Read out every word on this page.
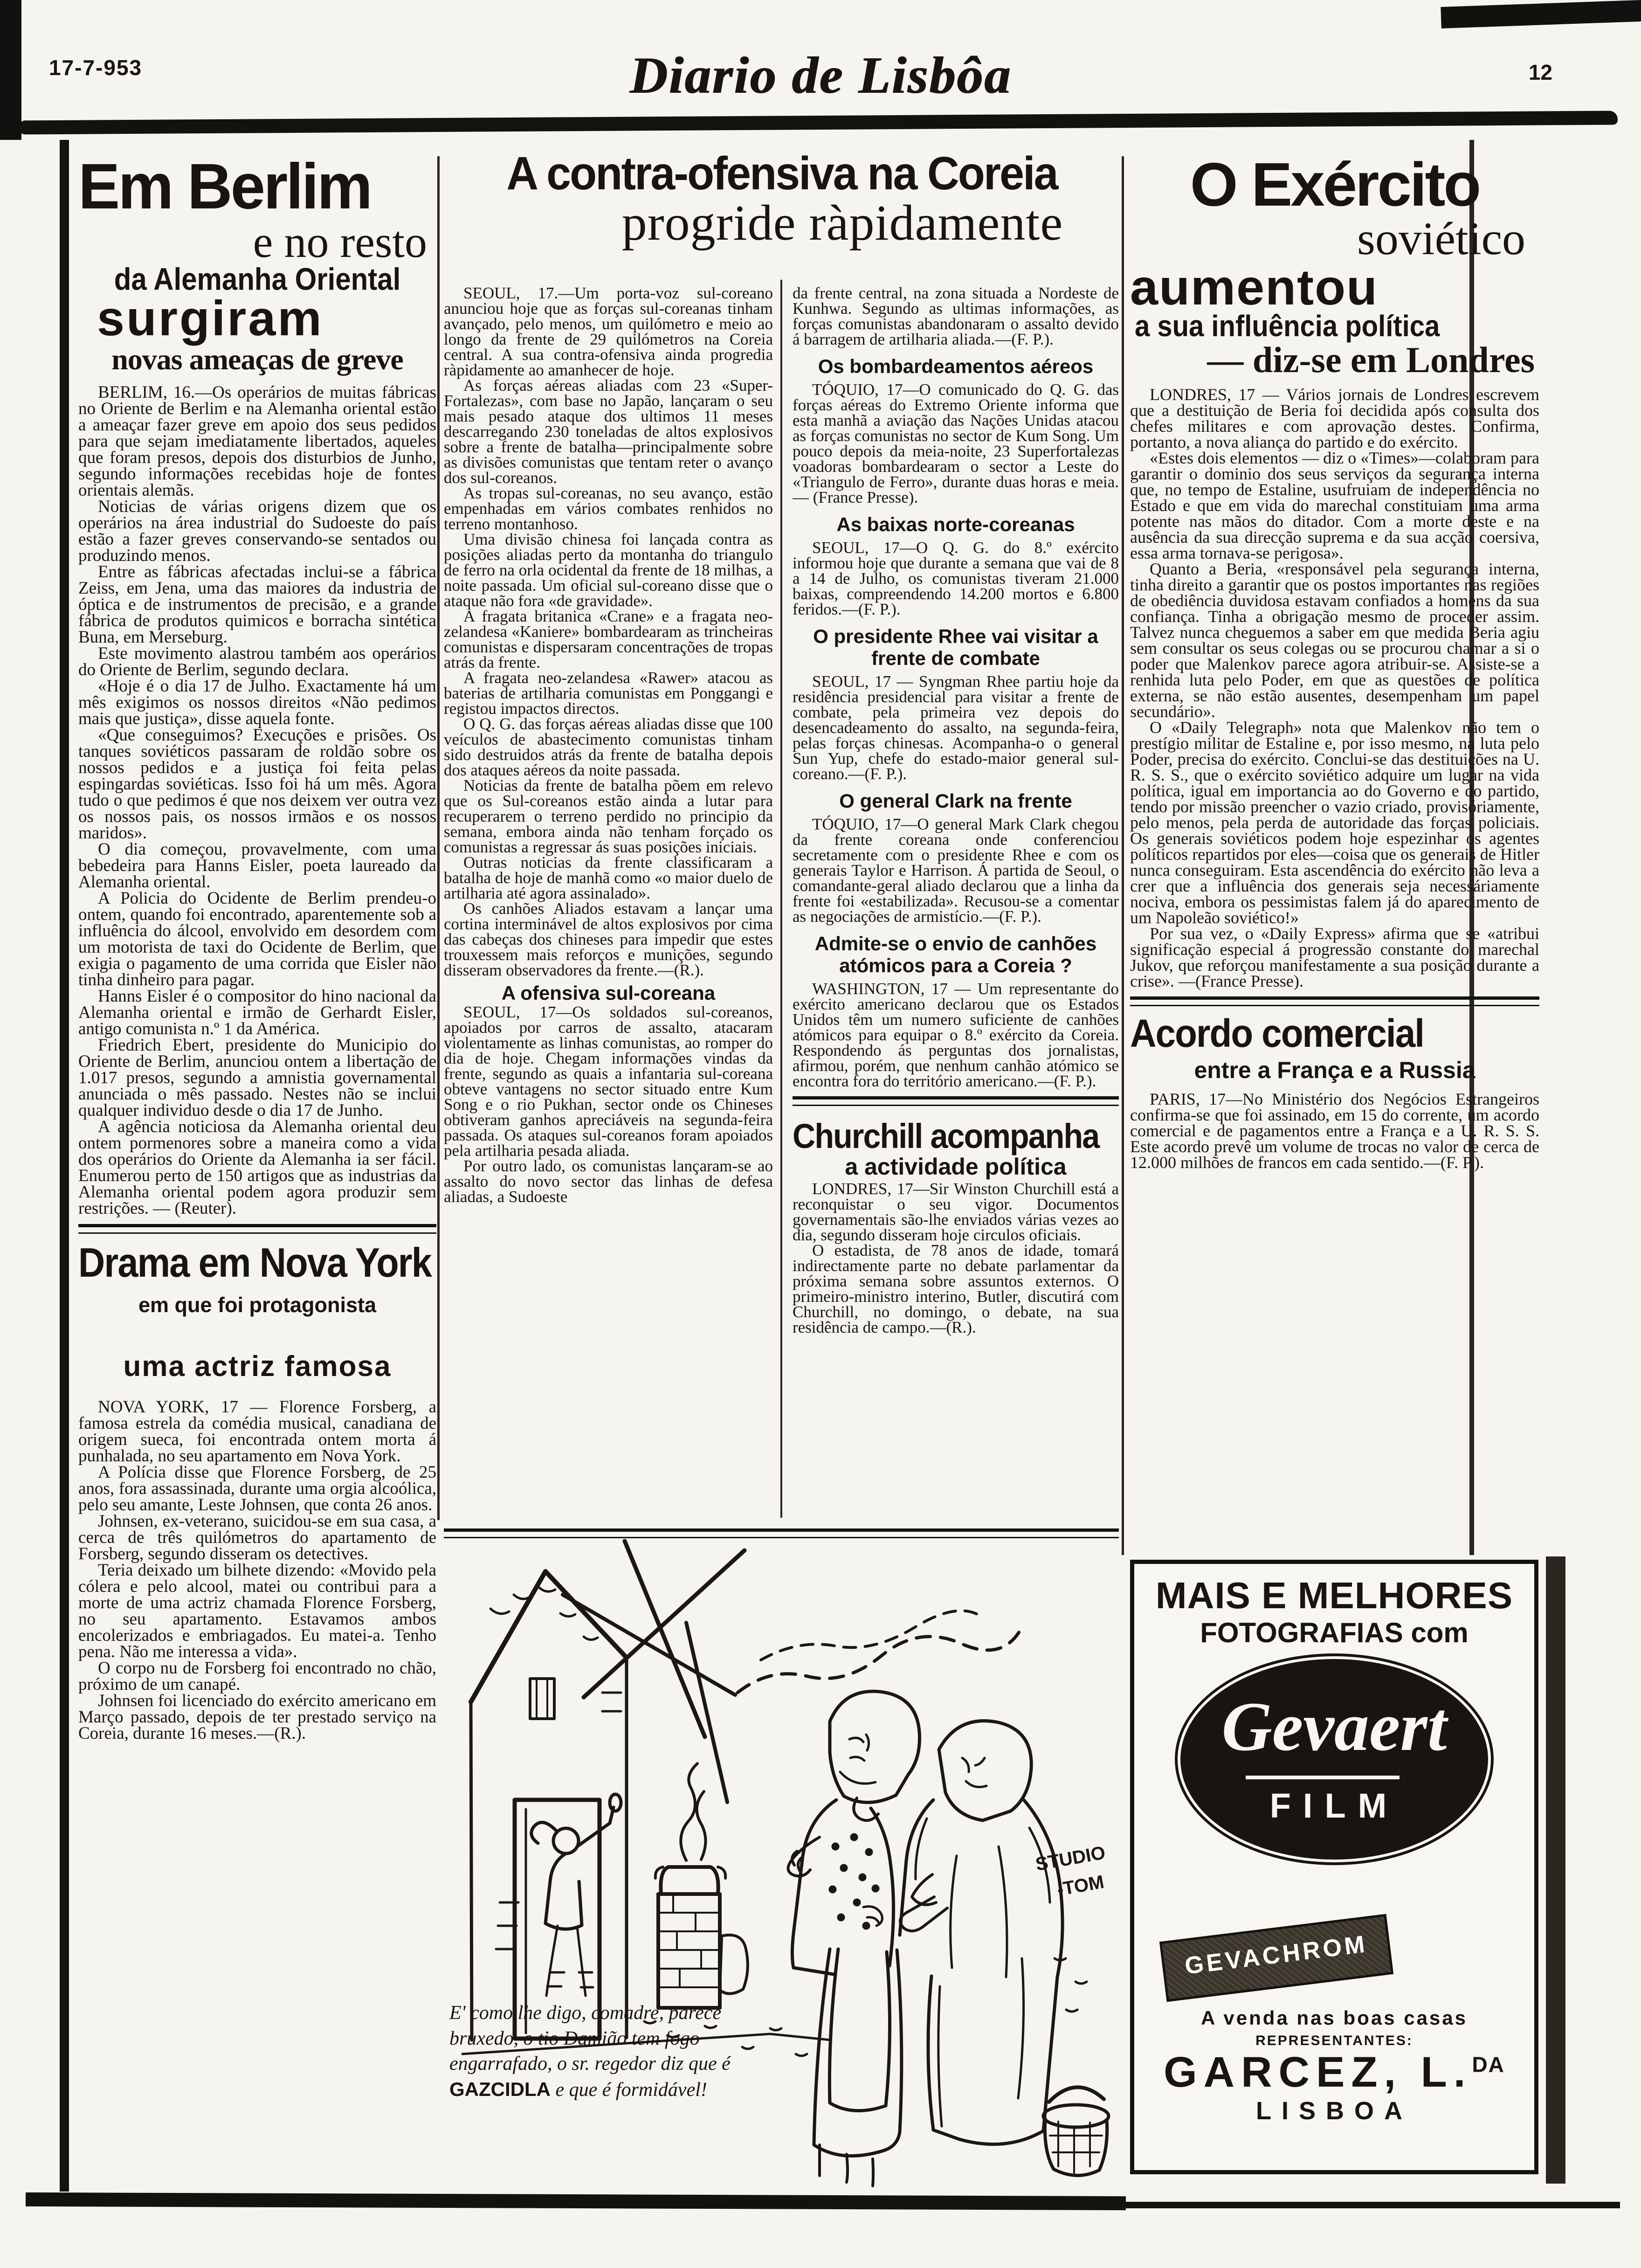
17-7-953	Diario de Lisbôa	12
Em Berlim
e no resto
da Alemanha Oriental
surgiram
novas ameaças de greve

BERLIM, 16.—Os operários de muitas fábricas no Oriente de Berlim e na Alemanha oriental estão a ameaçar fazer greve em apoio dos seus pedidos para que sejam imediatamente libertados, aqueles que foram presos, depois dos disturbios de Junho, segundo informações recebidas hoje de fontes orientais alemãs.

Noticias de várias origens dizem que os operários na área industrial do Sudoeste do país estão a fazer greves conservando-se sentados ou produzindo menos.

Entre as fábricas afectadas inclui-se a fábrica Zeiss, em Jena, uma das maiores da industria de óptica e de instrumentos de precisão, e a grande fábrica de produtos quimicos e borracha sintética Buna, em Merseburg.

Este movimento alastrou também aos operários do Oriente de Berlim, segundo declara.

«Hoje é o dia 17 de Julho. Exactamente há um mês exigimos os nossos direitos «Não pedimos mais que justiça», disse aquela fonte.

«Que conseguimos? Execuções e prisões. Os tanques soviéticos passaram de roldão sobre os nossos pedidos e a justiça foi feita pelas espingardas soviéticas. Isso foi há um mês. Agora tudo o que pedimos é que nos deixem ver outra vez os nossos pais, os nossos irmãos e os nossos maridos».

O dia começou, provavelmente, com uma bebedeira para Hanns Eisler, poeta laureado da Alemanha oriental.

A Policia do Ocidente de Berlim prendeu-o ontem, quando foi encontrado, aparentemente sob a influência do álcool, envolvido em desordem com um motorista de taxi do Ocidente de Berlim, que exigia o pagamento de uma corrida que Eisler não tinha dinheiro para pagar.

Hanns Eisler é o compositor do hino nacional da Alemanha oriental e irmão de Gerhardt Eisler, antigo comunista n.º 1 da América.

Friedrich Ebert, presidente do Municipio do Oriente de Berlim, anunciou ontem a libertação de 1.017 presos, segundo a amnistia governamental anunciada o mês passado. Nestes não se inclui qualquer individuo desde o dia 17 de Junho.

A agência noticiosa da Alemanha oriental deu ontem pormenores sobre a maneira como a vida dos operários do Oriente da Alemanha ia ser fácil. Enumerou perto de 150 artigos que as industrias da Alemanha oriental podem agora produzir sem restrições. — (Reuter).

Drama em Nova York
em que foi protagonista
uma actriz famosa

NOVA YORK, 17 — Florence Forsberg, a famosa estrela da comédia musical, canadiana de origem sueca, foi encontrada ontem morta á punhalada, no seu apartamento em Nova York.

A Polícia disse que Florence Forsberg, de 25 anos, fora assassinada, durante uma orgia alcoólica, pelo seu amante, Leste Johnsen, que conta 26 anos.

Johnsen, ex-veterano, suicidou-se em sua casa, a cerca de três quilómetros do apartamento de Forsberg, segundo disseram os detectives.

Teria deixado um bilhete dizendo: «Movido pela cólera e pelo alcool, matei ou contribui para a morte de uma actriz chamada Florence Forsberg, no seu apartamento. Estavamos ambos encolerizados e embriagados. Eu matei-a. Tenho pena. Não me interessa a vida».

O corpo nu de Forsberg foi encontrado no chão, próximo de um canapé.

Johnsen foi licenciado do exército americano em Março passado, depois de ter prestado serviço na Coreia, durante 16 meses.—(R.).

A contra-ofensiva na Coreia
progride ràpidamente

SEOUL, 17.—Um porta-voz sul-coreano anunciou hoje que as forças sul-coreanas tinham avançado, pelo menos, um quilómetro e meio ao longo da frente de 29 quilómetros na Coreia central. A sua contra-ofensiva ainda progredia ràpidamente ao amanhecer de hoje.

As forças aéreas aliadas com 23 «Super-Fortalezas», com base no Japão, lançaram o seu mais pesado ataque dos ultimos 11 meses descarregando 230 toneladas de altos explosivos sobre a frente de batalha—principalmente sobre as divisões comunistas que tentam reter o avanço dos sul-coreanos.

As tropas sul-coreanas, no seu avanço, estão empenhadas em vários combates renhidos no terreno montanhoso.

Uma divisão chinesa foi lançada contra as posições aliadas perto da montanha do triangulo de ferro na orla ocidental da frente de 18 milhas, a noite passada. Um oficial sul-coreano disse que o ataque não fora «de gravidade».

A fragata britanica «Crane» e a fragata neo-zelandesa «Kaniere» bombardearam as trincheiras comunistas e dispersaram concentrações de tropas atrás da frente.

A fragata neo-zelandesa «Rawer» atacou as baterias de artilharia comunistas em Ponggangi e registou impactos directos.

O Q. G. das forças aéreas aliadas disse que 100 veículos de abastecimento comunistas tinham sido destruidos atrás da frente de batalha depois dos ataques aéreos da noite passada.

Noticias da frente de batalha põem em relevo que os Sul-coreanos estão ainda a lutar para recuperarem o terreno perdido no principio da semana, embora ainda não tenham forçado os comunistas a regressar ás suas posições iniciais.

Outras noticias da frente classificaram a batalha de hoje de manhã como «o maior duelo de artilharia até agora assinalado».

Os canhões Aliados estavam a lançar uma cortina interminável de altos explosivos por cima das cabeças dos chineses para impedir que estes trouxessem mais reforços e munições, segundo disseram observadores da frente.—(R.).

A ofensiva sul-coreana

SEOUL, 17—Os soldados sul-coreanos, apoiados por carros de assalto, atacaram violentamente as linhas comunistas, ao romper do dia de hoje. Chegam informações vindas da frente, segundo as quais a infantaria sul-coreana obteve vantagens no sector situado entre Kum Song e o rio Pukhan, sector onde os Chineses obtiveram ganhos apreciáveis na segunda-feira passada. Os ataques sul-coreanos foram apoiados pela artilharia pesada aliada.

Por outro lado, os comunistas lançaram-se ao assalto do novo sector das linhas de defesa aliadas, a Sudoeste

da frente central, na zona situada a Nordeste de Kunhwa. Segundo as ultimas informações, as forças comunistas abandonaram o assalto devido á barragem de artilharia aliada.—(F. P.).

Os bombardeamentos aéreos

TÓQUIO, 17—O comunicado do Q. G. das forças aéreas do Extremo Oriente informa que esta manhã a aviação das Nações Unidas atacou as forças comunistas no sector de Kum Song. Um pouco depois da meia-noite, 23 Superfortalezas voadoras bombardearam o sector a Leste do «Triangulo de Ferro», durante duas horas e meia. — (France Presse).

As baixas norte-coreanas

SEOUL, 17—O Q. G. do 8.º exército informou hoje que durante a semana que vai de 8 a 14 de Julho, os comunistas tiveram 21.000 baixas, compreendendo 14.200 mortos e 6.800 feridos.—(F. P.).

O presidente Rhee vai visitar a frente de combate

SEOUL, 17 — Syngman Rhee partiu hoje da residência presidencial para visitar a frente de combate, pela primeira vez depois do desencadeamento do assalto, na segunda-feira, pelas forças chinesas. Acompanha-o o general Sun Yup, chefe do estado-maior general sul-coreano.—(F. P.).

O general Clark na frente

TÓQUIO, 17—O general Mark Clark chegou da frente coreana onde conferenciou secretamente com o presidente Rhee e com os generais Taylor e Harrison. Á partida de Seoul, o comandante-geral aliado declarou que a linha da frente foi «estabilizada». Recusou-se a comentar as negociações de armistício.—(F. P.).

Admite-se o envio de canhões atómicos para a Coreia ?

WASHINGTON, 17 — Um representante do exército americano declarou que os Estados Unidos têm um numero suficiente de canhões atómicos para equipar o 8.º exército da Coreia. Respondendo ás perguntas dos jornalistas, afirmou, porém, que nenhum canhão atómico se encontra fora do território americano.—(F. P.).

Churchill acompanha
a actividade política

LONDRES, 17—Sir Winston Churchill está a reconquistar o seu vigor. Documentos governamentais são-lhe enviados várias vezes ao dia, segundo disseram hoje circulos oficiais.

O estadista, de 78 anos de idade, tomará indirectamente parte no debate parlamentar da próxima semana sobre assuntos externos. O primeiro-ministro interino, Butler, discutirá com Churchill, no domingo, o debate, na sua residência de campo.—(R.).

STUDIO
-TOM
E' como lhe digo, comadre, parece bruxedo, o tio Damião tem fogo engarrafado, o sr. regedor diz que é GAZCIDLA e que é formidável!
O Exército
soviético
aumentou
a sua influência política
— diz-se em Londres

LONDRES, 17 — Vários jornais de Londres escrevem que a destituição de Beria foi decidida após consulta dos chefes militares e com aprovação destes. Confirma, portanto, a nova aliança do partido e do exército.

«Estes dois elementos — diz o «Times»—colaboram para garantir o dominio dos seus serviços da segurança interna que, no tempo de Estaline, usufruiam de independência no Estado e que em vida do marechal constituiam uma arma potente nas mãos do ditador. Com a morte deste e na ausência da sua direcção suprema e da sua acção coersiva, essa arma tornava-se perigosa».

Quanto a Beria, «responsável pela segurança interna, tinha direito a garantir que os postos importantes nas regiões de obediência duvidosa estavam confiados a homens da sua confiança. Tinha a obrigação mesmo de proceder assim. Talvez nunca cheguemos a saber em que medida Beria agiu sem consultar os seus colegas ou se procurou chamar a si o poder que Malenkov parece agora atribuir-se. Assiste-se a renhida luta pelo Poder, em que as questões de política externa, se não estão ausentes, desempenham um papel secundário».

O «Daily Telegraph» nota que Malenkov não tem o prestígio militar de Estaline e, por isso mesmo, na luta pelo Poder, precisa do exército. Conclui-se das destituições na U. R. S. S., que o exército soviético adquire um lugar na vida política, igual em importancia ao do Governo e do partido, tendo por missão preencher o vazio criado, provisóriamente, pelo menos, pela perda de autoridade das forças policiais. Os generais soviéticos podem hoje espezinhar os agentes políticos repartidos por eles—coisa que os generais de Hitler nunca conseguiram. Esta ascendência do exército não leva a crer que a influência dos generais seja necessáriamente nociva, embora os pessimistas falem já do aparecimento de um Napoleão soviético!»

Por sua vez, o «Daily Express» afirma que se «atribui significação especial á progressão constante do marechal Jukov, que reforçou manifestamente a sua posição durante a crise». —(France Presse).

Acordo comercial
entre a França e a Russia

PARIS, 17—No Ministério dos Negócios Estrangeiros confirma-se que foi assinado, em 15 do corrente, um acordo comercial e de pagamentos entre a França e a U. R. S. S. Este acordo prevê um volume de trocas no valor de cerca de 12.000 milhões de francos em cada sentido.—(F. P.).

MAIS E MELHORES
FOTOGRAFIAS com
Gevaert
FILM
GEVACHROM
A venda nas boas casas
REPRESENTANTES:
GARCEZ, L.$^{DA}$
LISBOA
